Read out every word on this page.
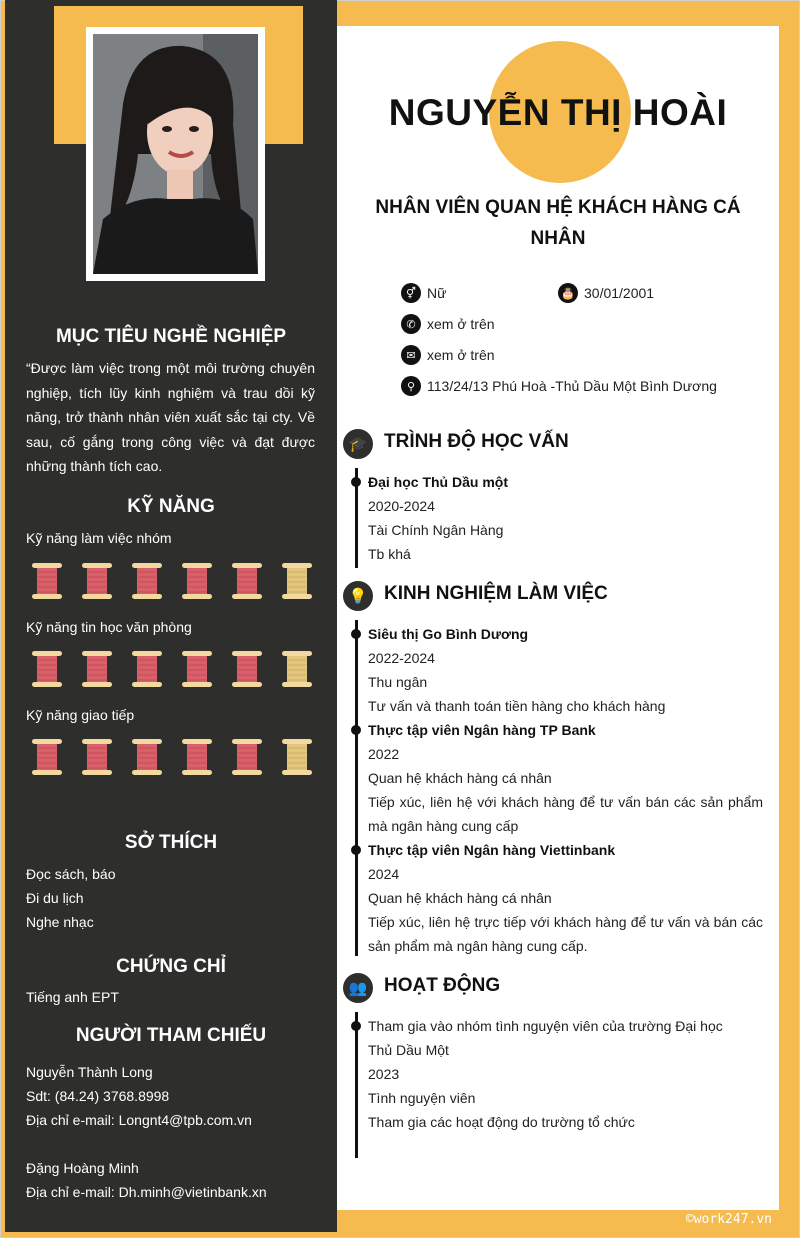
MỤC TIÊU NGHỀ NGHIỆP
“Được làm việc trong một môi trường chuyên nghiệp, tích lũy kinh nghiệm và trau dồi kỹ năng, trở thành nhân viên xuất sắc tại cty. Về sau, cố gắng trong công việc và đạt được những thành tích cao.
KỸ NĂNG
Kỹ năng làm việc nhóm
Kỹ năng tin học văn phòng
Kỹ năng giao tiếp
SỞ THÍCH
Đọc sách, báo
Đi du lịch
Nghe nhạc
CHỨNG CHỈ
Tiếng anh EPT
NGƯỜI THAM CHIẾU
Nguyễn Thành Long
Sdt: (84.24) 3768.8998
Địa chỉ e-mail: Longnt4@tpb.com.vn
Đặng Hoàng Minh
Địa chỉ e-mail: Dh.minh@vietinbank.xn
NGUYỄN THỊ HOÀI
NHÂN VIÊN QUAN HỆ KHÁCH HÀNG CÁ NHÂN
⚥ Nữ	🎂 30/01/2001
✆ xem ở trên
✉ xem ở trên
⚲ 113/24/13 Phú Hoà -Thủ Dầu Một Bình Dương
🎓 TRÌNH ĐỘ HỌC VẤN
Đại học Thủ Dầu một
2020-2024
Tài Chính Ngân Hàng
Tb khá
💡 KINH NGHIỆM LÀM VIỆC
Siêu thị Go Bình Dương
2022-2024
Thu ngân
Tư vấn và thanh toán tiền hàng cho khách hàng
Thực tập viên Ngân hàng TP Bank
2022
Quan hệ khách hàng cá nhân
Tiếp xúc, liên hệ với khách hàng để tư vấn bán các sản phẩm mà ngân hàng cung cấp
Thực tập viên Ngân hàng Viettinbank
2024
Quan hệ khách hàng cá nhân
Tiếp xúc, liên hệ trực tiếp với khách hàng để tư vấn và bán các sản phẩm mà ngân hàng cung cấp.
👥 HOẠT ĐỘNG
Tham gia vào nhóm tình nguyện viên của trường Đại học Thủ Dầu Một
2023
Tình nguyện viên
Tham gia các hoạt động do trường tổ chức
©work247.vn
